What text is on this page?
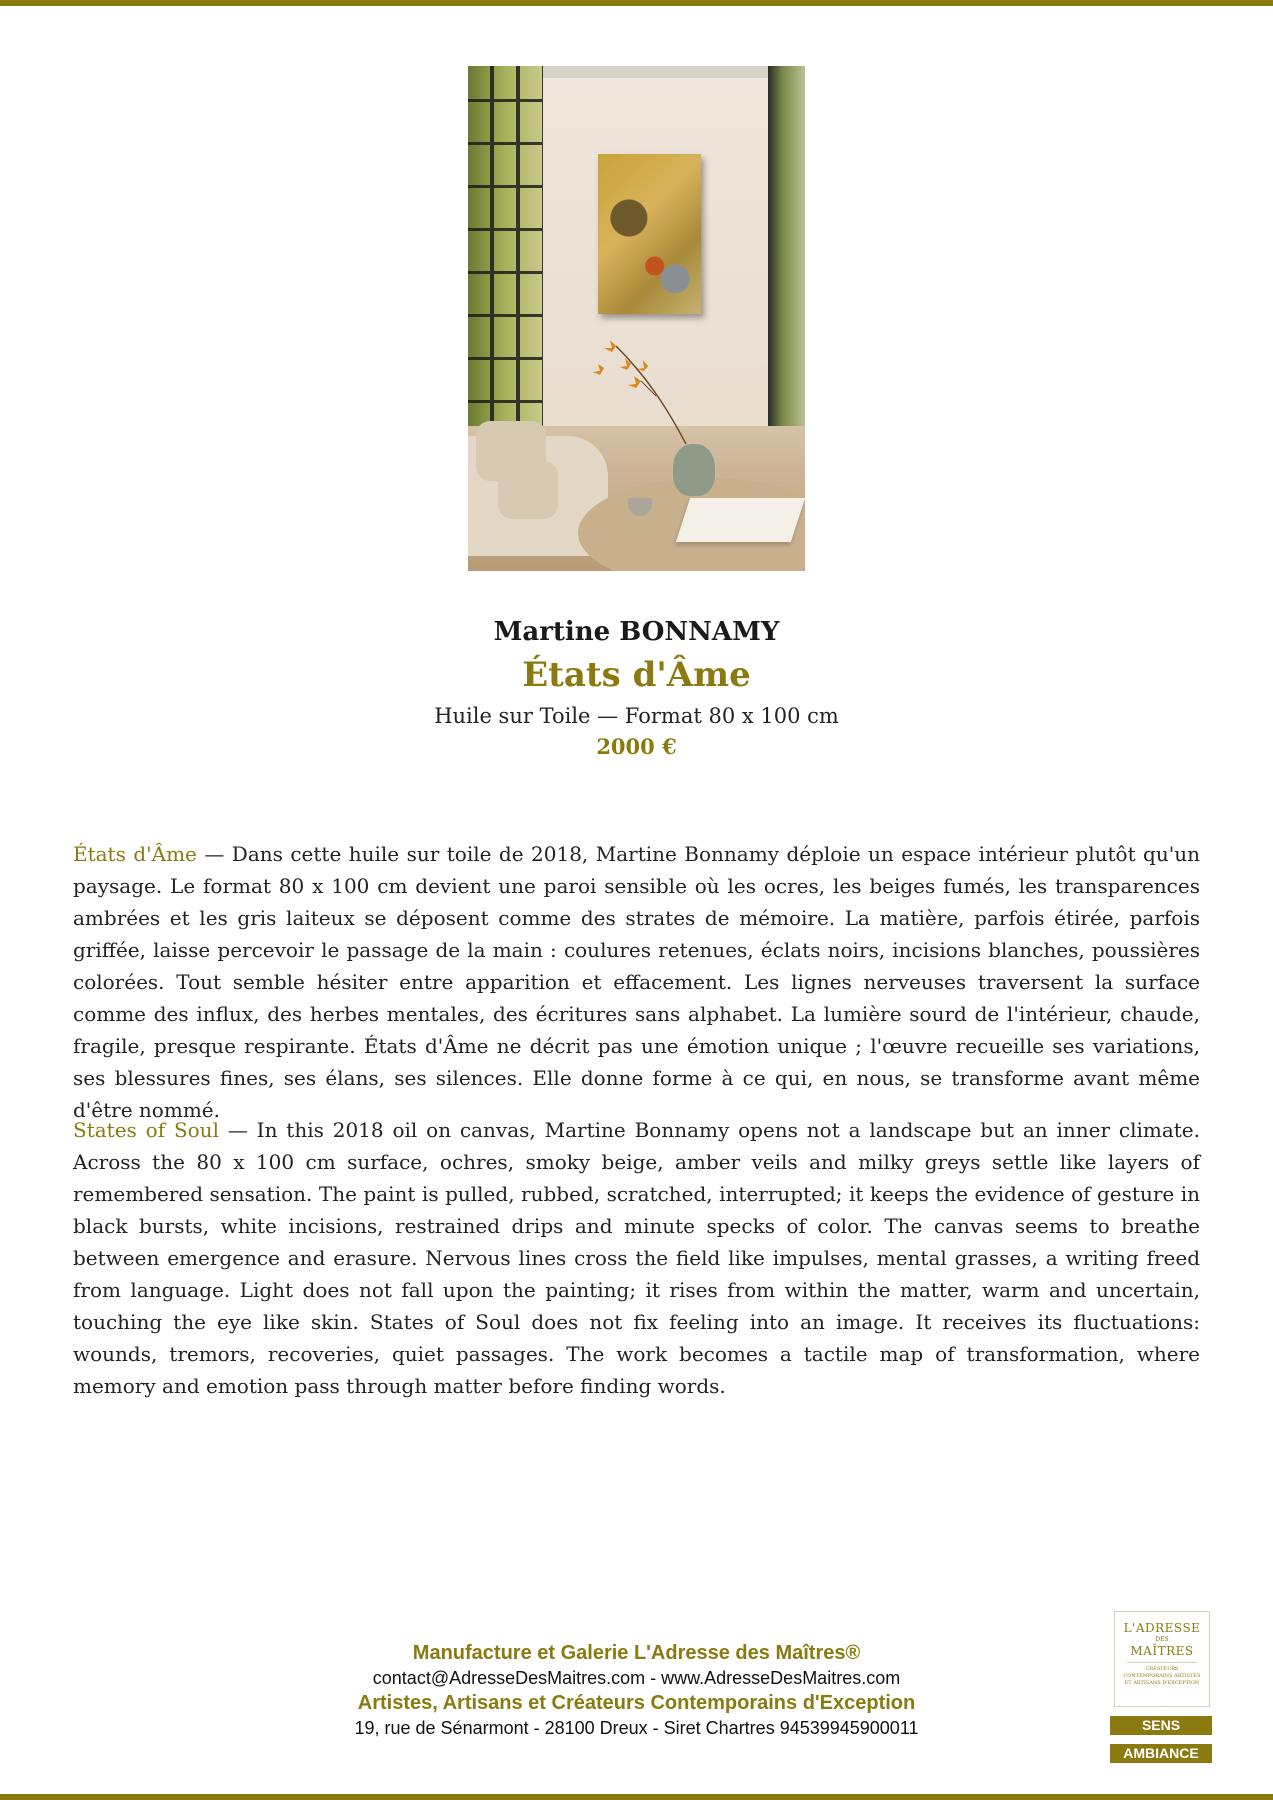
Martine BONNAMY
États d'Âme
Huile sur Toile — Format 80 x 100 cm
2000 €

États d'Âme — Dans cette huile sur toile de 2018, Martine Bonnamy déploie un espace intérieur plutôt qu'un paysage. Le format 80 x 100 cm devient une paroi sensible où les ocres, les beiges fumés, les transparences ambrées et les gris laiteux se déposent comme des strates de mémoire. La matière, parfois étirée, parfois griffée, laisse percevoir le passage de la main : coulures retenues, éclats noirs, incisions blanches, poussières colorées. Tout semble hésiter entre apparition et effacement. Les lignes nerveuses traversent la surface comme des influx, des herbes mentales, des écritures sans alphabet. La lumière sourd de l'intérieur, chaude, fragile, presque respirante. États d'Âme ne décrit pas une émotion unique ; l'œuvre recueille ses variations, ses blessures fines, ses élans, ses silences. Elle donne forme à ce qui, en nous, se transforme avant même d'être nommé.

States of Soul — In this 2018 oil on canvas, Martine Bonnamy opens not a landscape but an inner climate. Across the 80 x 100 cm surface, ochres, smoky beige, amber veils and milky greys settle like layers of remembered sensation. The paint is pulled, rubbed, scratched, interrupted; it keeps the evidence of gesture in black bursts, white incisions, restrained drips and minute specks of color. The canvas seems to breathe between emergence and erasure. Nervous lines cross the field like impulses, mental grasses, a writing freed from language. Light does not fall upon the painting; it rises from within the matter, warm and uncertain, touching the eye like skin. States of Soul does not fix feeling into an image. It receives its fluctuations: wounds, tremors, recoveries, quiet passages. The work becomes a tactile map of transformation, where memory and emotion pass through matter before finding words.

Manufacture et Galerie L'Adresse des Maîtres®
contact@AdresseDesMaitres.com - www.AdresseDesMaitres.com
Artistes, Artisans et Créateurs Contemporains d'Exception
19, rue de Sénarmont - 28100 Dreux - Siret Chartres 94539945900011
L'ADRESSE
DES
MAÎTRES
CRÉATEURS CONTEMPORAINS ARTISTES ET ARTISANS D'EXCEPTION
SENS
AMBIANCE
